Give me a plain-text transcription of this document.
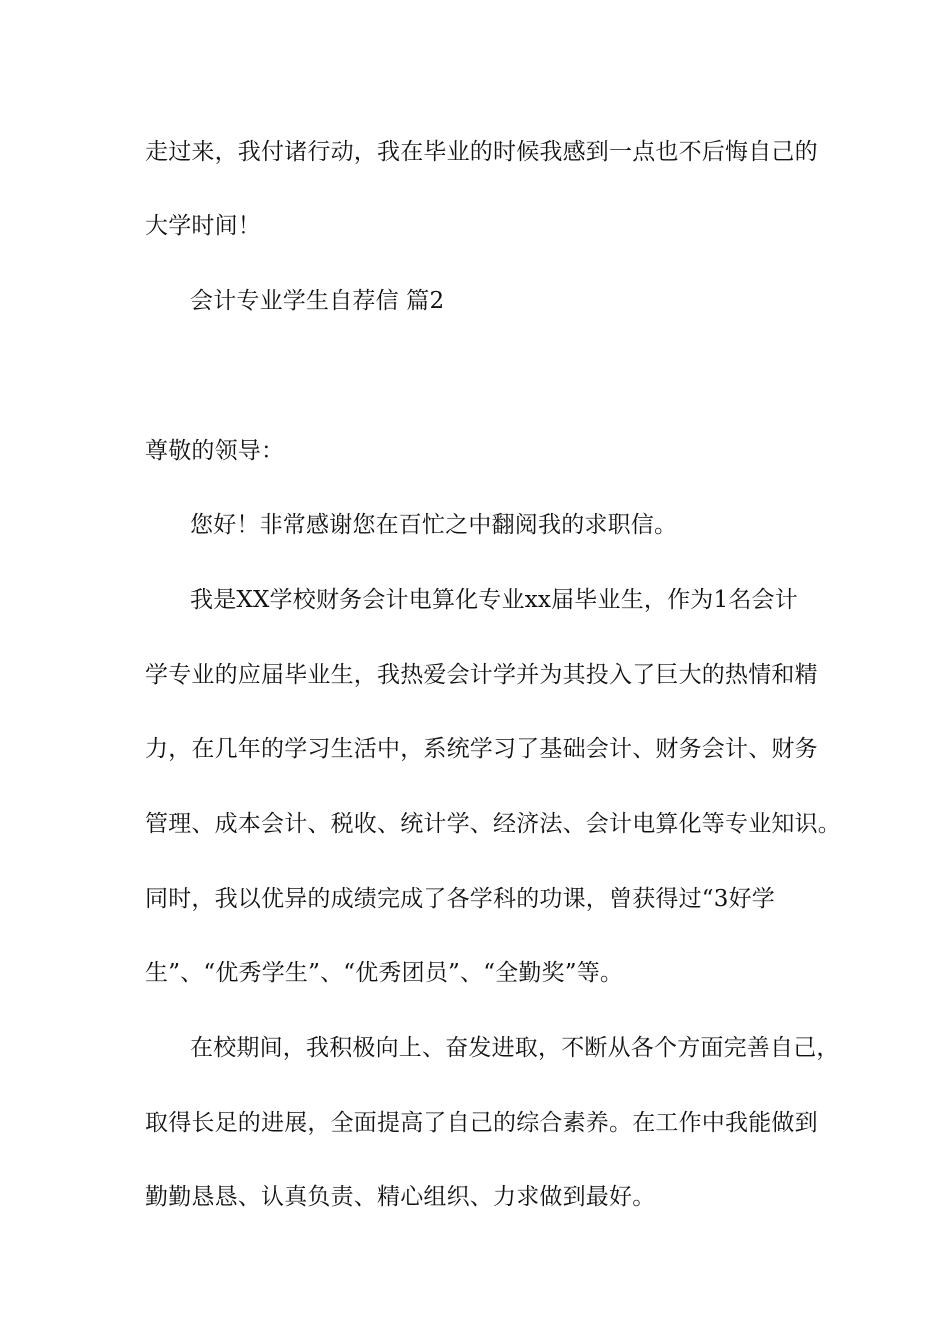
走过来，我付诸行动，我在毕业的时候我感到一点也不后悔自己的
大学时间！
会计专业学生自荐信 篇2
尊敬的领导：
您好！非常感谢您在百忙之中翻阅我的求职信。
我是XX学校财务会计电算化专业xx届毕业生，作为1名会计
学专业的应届毕业生，我热爱会计学并为其投入了巨大的热情和精
力，在几年的学习生活中，系统学习了基础会计、财务会计、财务
管理、成本会计、税收、统计学、经济法、会计电算化等专业知识。
同时，我以优异的成绩完成了各学科的功课，曾获得过“3好学
生”、“优秀学生”、“优秀团员”、“全勤奖”等。
在校期间，我积极向上、奋发进取，不断从各个方面完善自己，
取得长足的进展，全面提高了自己的综合素养。在工作中我能做到
勤勤恳恳、认真负责、精心组织、力求做到最好。
